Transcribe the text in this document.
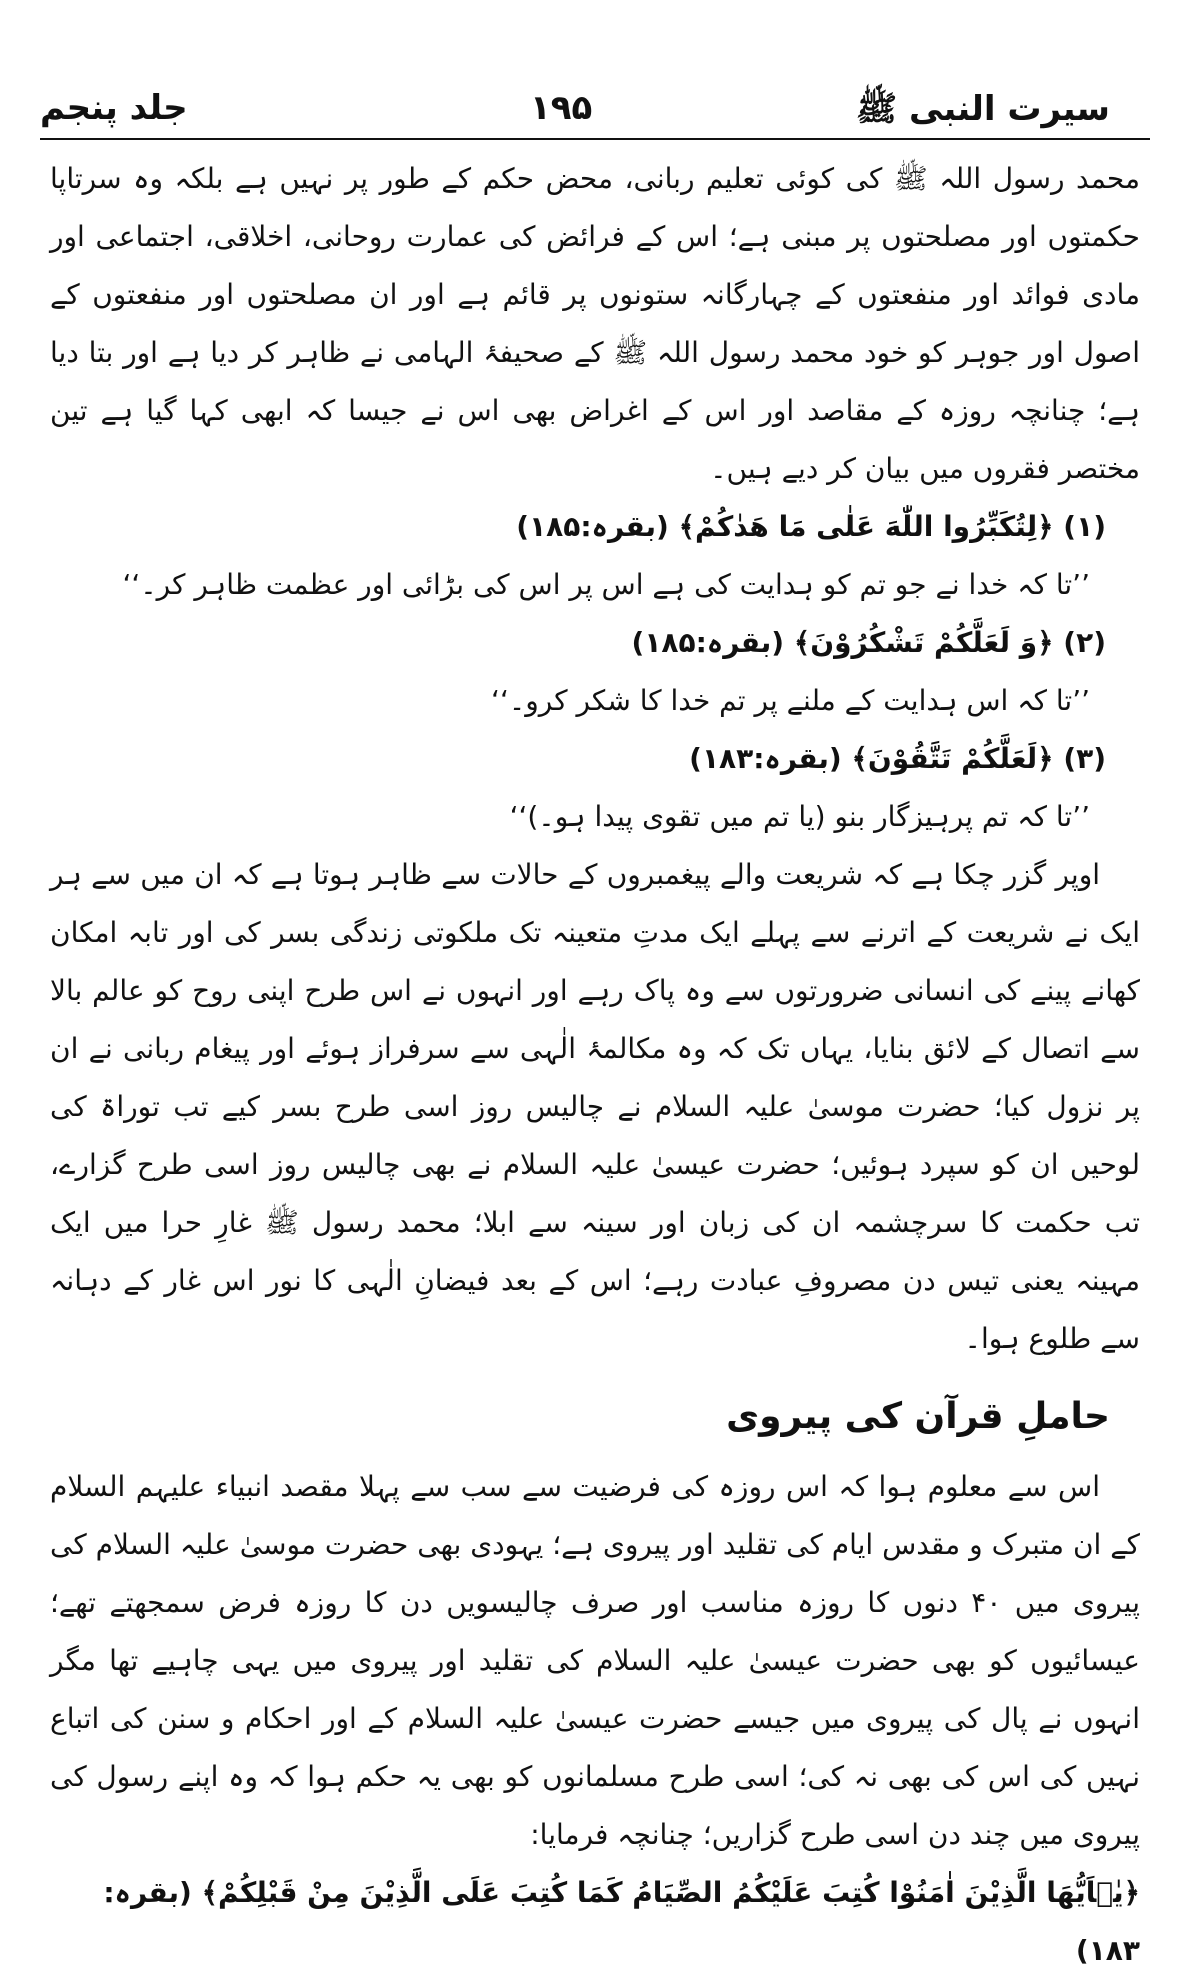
سیرت النبی ﷺ
۱۹۵
جلد پنجم

محمد رسول اللہ ﷺ کی کوئی تعلیم ربانی، محض حکم کے طور پر نہیں ہے بلکہ وہ سرتاپا حکمتوں اور مصلحتوں پر مبنی ہے؛ اس کے فرائض کی عمارت روحانی، اخلاقی، اجتماعی اور مادی فوائد اور منفعتوں کے چہارگانہ ستونوں پر قائم ہے اور ان مصلحتوں اور منفعتوں کے اصول اور جوہر کو خود محمد رسول اللہ ﷺ کے صحیفۂ الہامی نے ظاہر کر دیا ہے اور بتا دیا ہے؛ چنانچہ روزہ کے مقاصد اور اس کے اغراض بھی اس نے جیسا کہ ابھی کہا گیا ہے تین مختصر فقروں میں بیان کر دیے ہیں۔

(۱) ﴿لِتُكَبِّرُوا اللّٰهَ عَلٰى مَا هَدٰكُمْ﴾ (بقرہ:۱۸۵)

’’تا کہ خدا نے جو تم کو ہدایت کی ہے اس پر اس کی بڑائی اور عظمت ظاہر کر۔‘‘

(۲) ﴿وَ لَعَلَّكُمْ تَشْكُرُوْنَ﴾ (بقرہ:۱۸۵)

’’تا کہ اس ہدایت کے ملنے پر تم خدا کا شکر کرو۔‘‘

(۳) ﴿لَعَلَّكُمْ تَتَّقُوْنَ﴾ (بقرہ:۱۸۳)

’’تا کہ تم پرہیزگار بنو (یا تم میں تقوی پیدا ہو۔)‘‘

اوپر گزر چکا ہے کہ شریعت والے پیغمبروں کے حالات سے ظاہر ہوتا ہے کہ ان میں سے ہر ایک نے شریعت کے اترنے سے پہلے ایک مدتِ متعینہ تک ملکوتی زندگی بسر کی اور تابہ امکان کھانے پینے کی انسانی ضرورتوں سے وہ پاک رہے اور انہوں نے اس طرح اپنی روح کو عالم بالا سے اتصال کے لائق بنایا، یہاں تک کہ وہ مکالمۂ الٰہی سے سرفراز ہوئے اور پیغام ربانی نے ان پر نزول کیا؛ حضرت موسیٰ علیہ السلام نے چالیس روز اسی طرح بسر کیے تب توراۃ کی لوحیں ان کو سپرد ہوئیں؛ حضرت عیسیٰ علیہ السلام نے بھی چالیس روز اسی طرح گزارے، تب حکمت کا سرچشمہ ان کی زبان اور سینہ سے ابلا؛ محمد رسول ﷺ غارِ حرا میں ایک مہینہ یعنی تیس دن مصروفِ عبادت رہے؛ اس کے بعد فیضانِ الٰہی کا نور اس غار کے دہانہ سے طلوع ہوا۔

حاملِ قرآن کی پیروی

اس سے معلوم ہوا کہ اس روزہ کی فرضیت سے سب سے پہلا مقصد انبیاء علیہم السلام کے ان متبرک و مقدس ایام کی تقلید اور پیروی ہے؛ یہودی بھی حضرت موسیٰ علیہ السلام کی پیروی میں ۴۰ دنوں کا روزہ مناسب اور صرف چالیسویں دن کا روزہ فرض سمجھتے تھے؛ عیسائیوں کو بھی حضرت عیسیٰ علیہ السلام کی تقلید اور پیروی میں یہی چاہیے تھا مگر انہوں نے پال کی پیروی میں جیسے حضرت عیسیٰ علیہ السلام کے اور احکام و سنن کی اتباع نہیں کی اس کی بھی نہ کی؛ اسی طرح مسلمانوں کو بھی یہ حکم ہوا کہ وہ اپنے رسول کی پیروی میں چند دن اسی طرح گزاریں؛ چنانچہ فرمایا:

﴿يٰۤاَيُّهَا الَّذِيْنَ اٰمَنُوْا كُتِبَ عَلَيْكُمُ الصِّيَامُ كَمَا كُتِبَ عَلَى الَّذِيْنَ مِنْ قَبْلِكُمْ﴾ (بقرہ: ۱۸۳)
